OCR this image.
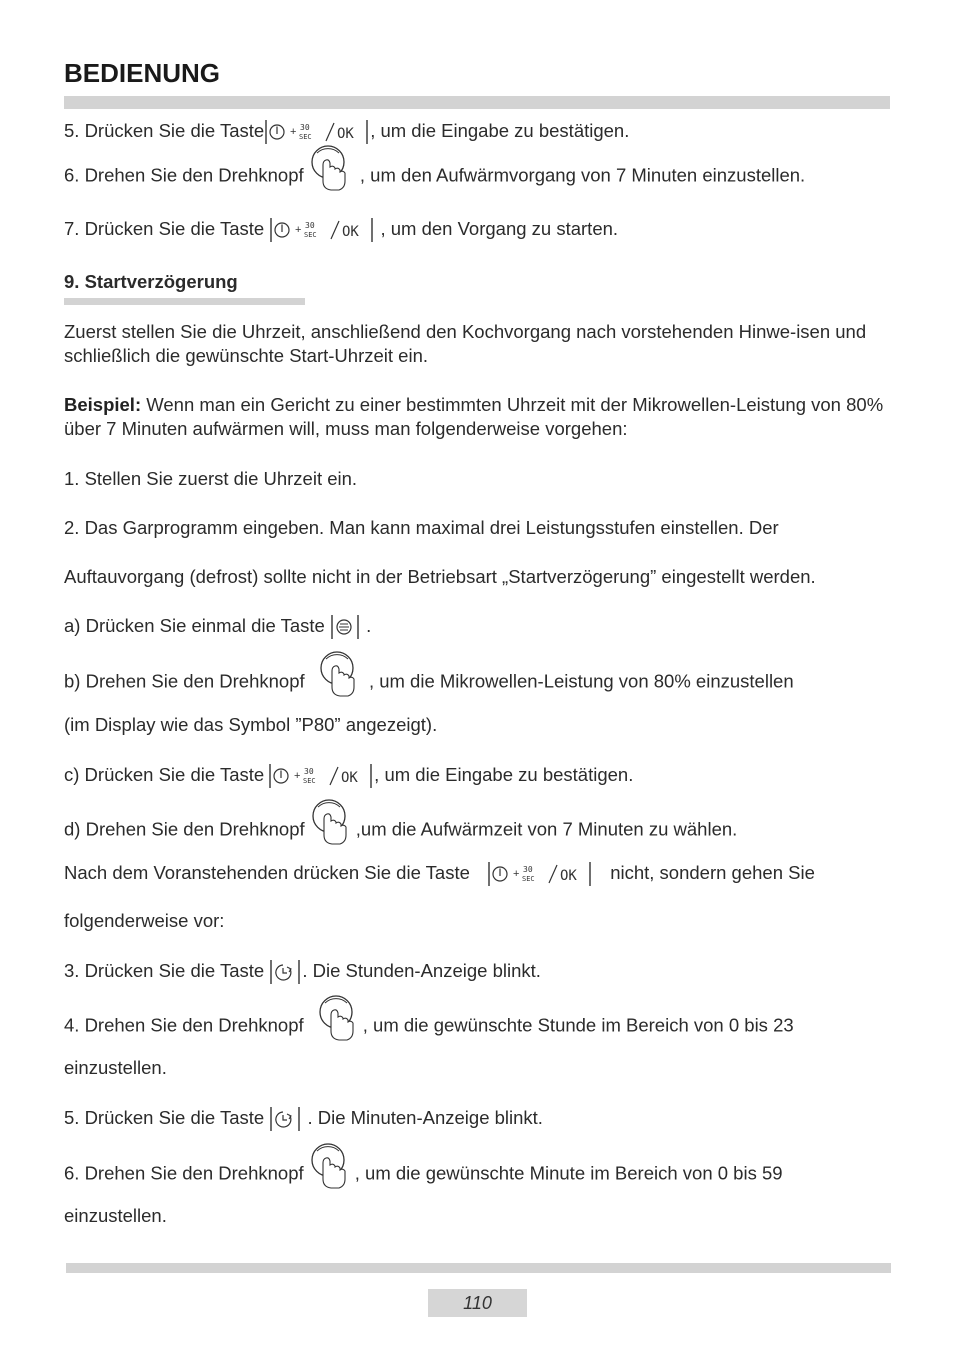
BEDIENUNG
5. Drücken Sie die Taste	, um die Eingabe zu bestätigen.
6. Drehen Sie den Drehknopf	, um den Aufwärmvorgang von 7 Minuten einzustellen.
7. Drücken Sie die Taste	, um den Vorgang zu starten.
9. Startverzögerung
Zuerst stellen Sie die Uhrzeit, anschließend den Kochvorgang nach vorstehenden Hinwe-isen und schließlich die gewünschte Start-Uhrzeit ein.
Beispiel: Wenn man ein Gericht zu einer bestimmten Uhrzeit mit der Mikrowellen-Leistung von 80% über 7 Minuten aufwärmen will, muss man folgenderweise vorgehen:
1. Stellen Sie zuerst die Uhrzeit ein.
2. Das Garprogramm eingeben. Man kann maximal drei Leistungsstufen einstellen. Der
Auftauvorgang (defrost) sollte nicht in der Betriebsart „Startverzögerung” eingestellt werden.
a) Drücken Sie einmal die Taste .
b) Drehen Sie den Drehknopf	, um die Mikrowellen-Leistung von 80% einzustellen
(im Display wie das Symbol ”P80” angezeigt).
c) Drücken Sie die Taste	, um die Eingabe zu bestätigen.
d) Drehen Sie den Drehknopf	,um die Aufwärmzeit von 7 Minuten zu wählen.
Nach dem Voranstehenden drücken Sie die Taste	nicht, sondern gehen Sie
folgenderweise vor:
3. Drücken Sie die Taste . Die Stunden-Anzeige blinkt.
4. Drehen Sie den Drehknopf	, um die gewünschte Stunde im Bereich von 0 bis 23
einzustellen.
5. Drücken Sie die Taste . Die Minuten-Anzeige blinkt.
6. Drehen Sie den Drehknopf	, um die gewünschte Minute im Bereich von 0 bis 59
einzustellen.
110
